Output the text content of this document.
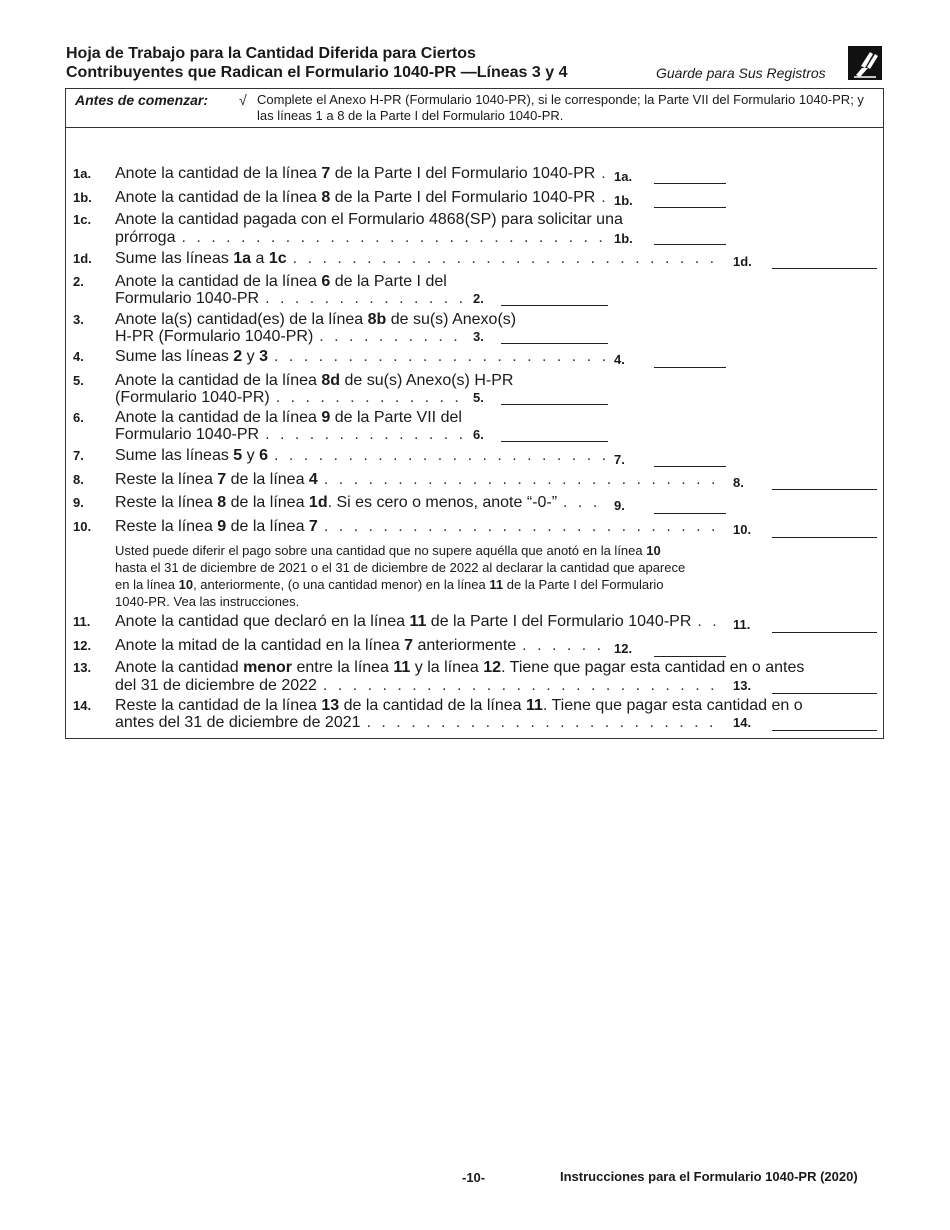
Hoja de Trabajo para la Cantidad Diferida para Ciertos
Contribuyentes que Radican el Formulario 1040-PR —Líneas 3 y 4	Guarde para Sus Registros
Antes de comenzar: √ Complete el Anexo H-PR (Formulario 1040-PR), si le corresponde; la Parte VII del Formulario 1040-PR; y las líneas 1 a 8 de la Parte I del Formulario 1040-PR.
1a. Anote la cantidad de la línea 7 de la Parte I del Formulario 1040-PR . . . 1a.
1b. Anote la cantidad de la línea 8 de la Parte I del Formulario 1040-PR . . . 1b.
1c. Anote la cantidad pagada con el Formulario 4868(SP) para solicitar una
prórroga . . .	1b.
1d. Sume las líneas 1a a 1c . . .	1d.
2. Anote la cantidad de la línea 6 de la Parte I del
Formulario 1040-PR . . .	2.
3. Anote la(s) cantidad(es) de la línea 8b de su(s) Anexo(s)
H-PR (Formulario 1040-PR) . . .	3.
4. Sume las líneas 2 y 3 . . .	4.
5. Anote la cantidad de la línea 8d de su(s) Anexo(s) H-PR
(Formulario 1040-PR) . . .	5.
6. Anote la cantidad de la línea 9 de la Parte VII del
Formulario 1040-PR . . .	6.
7. Sume las líneas 5 y 6 . . .	7.
8. Reste la línea 7 de la línea 4 . . .	8.
9. Reste la línea 8 de la línea 1d. Si es cero o menos, anote “-0-” . . .	9.
10. Reste la línea 9 de la línea 7 . . .	10.
Usted puede diferir el pago sobre una cantidad que no supere aquélla que anotó en la línea 10
hasta el 31 de diciembre de 2021 o el 31 de diciembre de 2022 al declarar la cantidad que aparece
en la línea 10, anteriormente, (o una cantidad menor) en la línea 11 de la Parte I del Formulario
1040-PR. Vea las instrucciones.
11. Anote la cantidad que declaró en la línea 11 de la Parte I del Formulario 1040-PR . . .	11.
12. Anote la mitad de la cantidad en la línea 7 anteriormente . . .	12.
13. Anote la cantidad menor entre la línea 11 y la línea 12. Tiene que pagar esta cantidad en o antes
del 31 de diciembre de 2022 . . .	13.
14. Reste la cantidad de la línea 13 de la cantidad de la línea 11. Tiene que pagar esta cantidad en o
antes del 31 de diciembre de 2021 . . .	14.
-10-	Instrucciones para el Formulario 1040-PR (2020)
